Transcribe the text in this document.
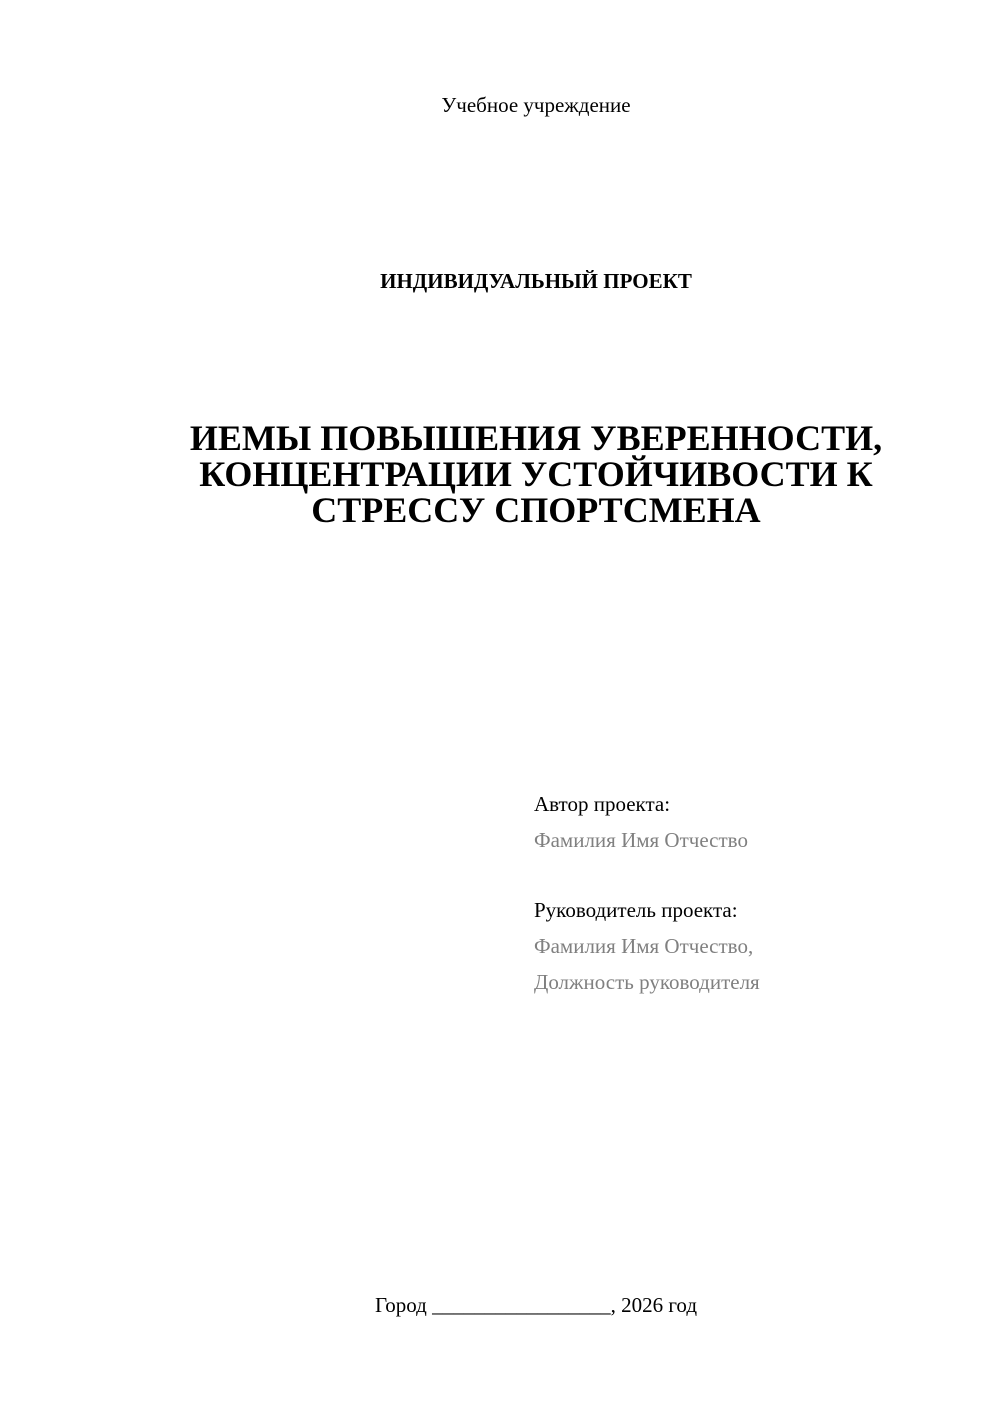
Учебное учреждение
ИНДИВИДУАЛЬНЫЙ ПРОЕКТ
ИЕМЫ ПОВЫШЕНИЯ УВЕРЕННОСТИ,
КОНЦЕНТРАЦИИ УСТОЙЧИВОСТИ К
СТРЕССУ СПОРТСМЕНА
Автор проекта:
Фамилия Имя Отчество
Руководитель проекта:
Фамилия Имя Отчество,
Должность руководителя
Город _________________, 2026 год
